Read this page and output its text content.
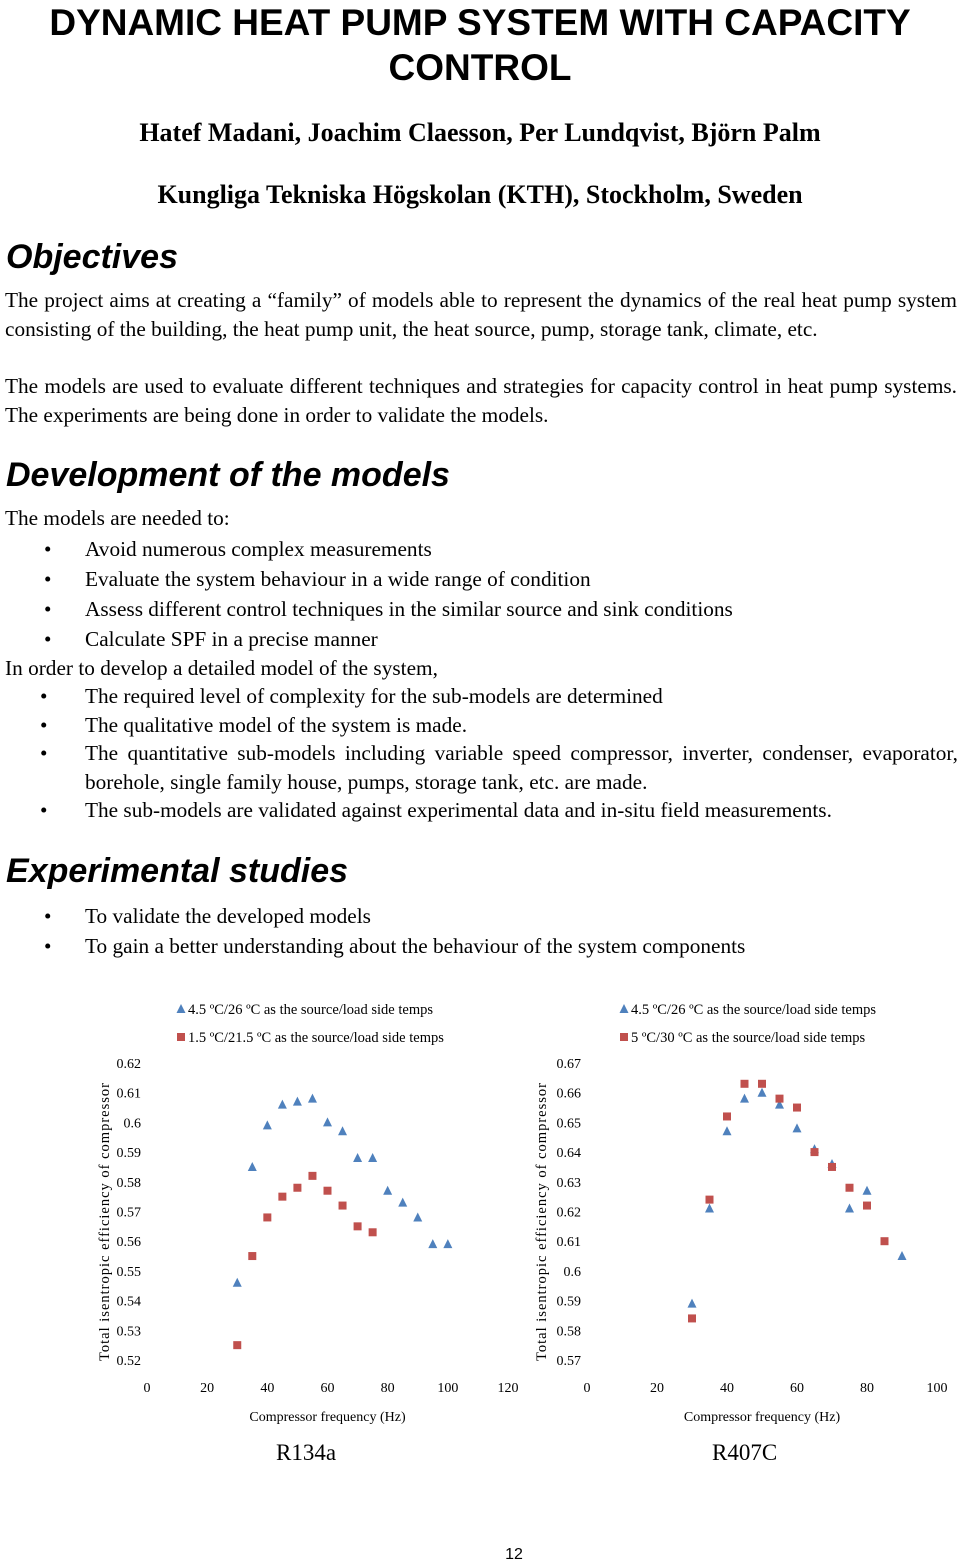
DYNAMIC HEAT PUMP SYSTEM WITH CAPACITY CONTROL
Hatef Madani, Joachim Claesson, Per Lundqvist, Björn Palm
Kungliga Tekniska Högskolan (KTH), Stockholm, Sweden
Objectives

The project aims at creating a “family” of models able to represent the dynamics of the real heat pump system consisting of the building, the heat pump unit, the heat source, pump, storage tank, climate, etc.

The models are used to evaluate different techniques and strategies for capacity control in heat pump systems. The experiments are being done in order to validate the models.

Development of the models
The models are needed to:
• Avoid numerous complex measurements
• Evaluate the system behaviour in a wide range of condition
• Assess different control techniques in the similar source and sink conditions
• Calculate SPF in a precise manner
In order to develop a detailed model of the system,
• The required level of complexity for the sub-models are determined
• The qualitative model of the system is made.
• The quantitative sub-models including variable speed compressor, inverter, condenser, evaporator, borehole, single family house, pumps, storage tank, etc. are made.
• The sub-models are validated against experimental data and in-situ field measurements.
Experimental studies
• To validate the developed models
• To gain a better understanding about the behaviour of the system components
0.62
0.61
0.6
0.59
0.58
0.57
0.56
0.55
0.54
0.53
0.52
0	20	40	60	80	100	120
Compressor frequency (Hz)
Total isentropic efficiency of compressor
4.5 ºC/26 ºC as the source/load side temps
1.5 ºC/21.5 ºC as the source/load side temps
0.67
0.66
0.65
0.64
0.63
0.62
0.61
0.6
0.59
0.58
0.57
0	20	40	60	80	100
Compressor frequency (Hz)
Total isentropic efficiency of compressor
4.5 ºC/26 ºC as the source/load side temps
5 ºC/30 ºC as the source/load side temps
R134a	R407C
12
